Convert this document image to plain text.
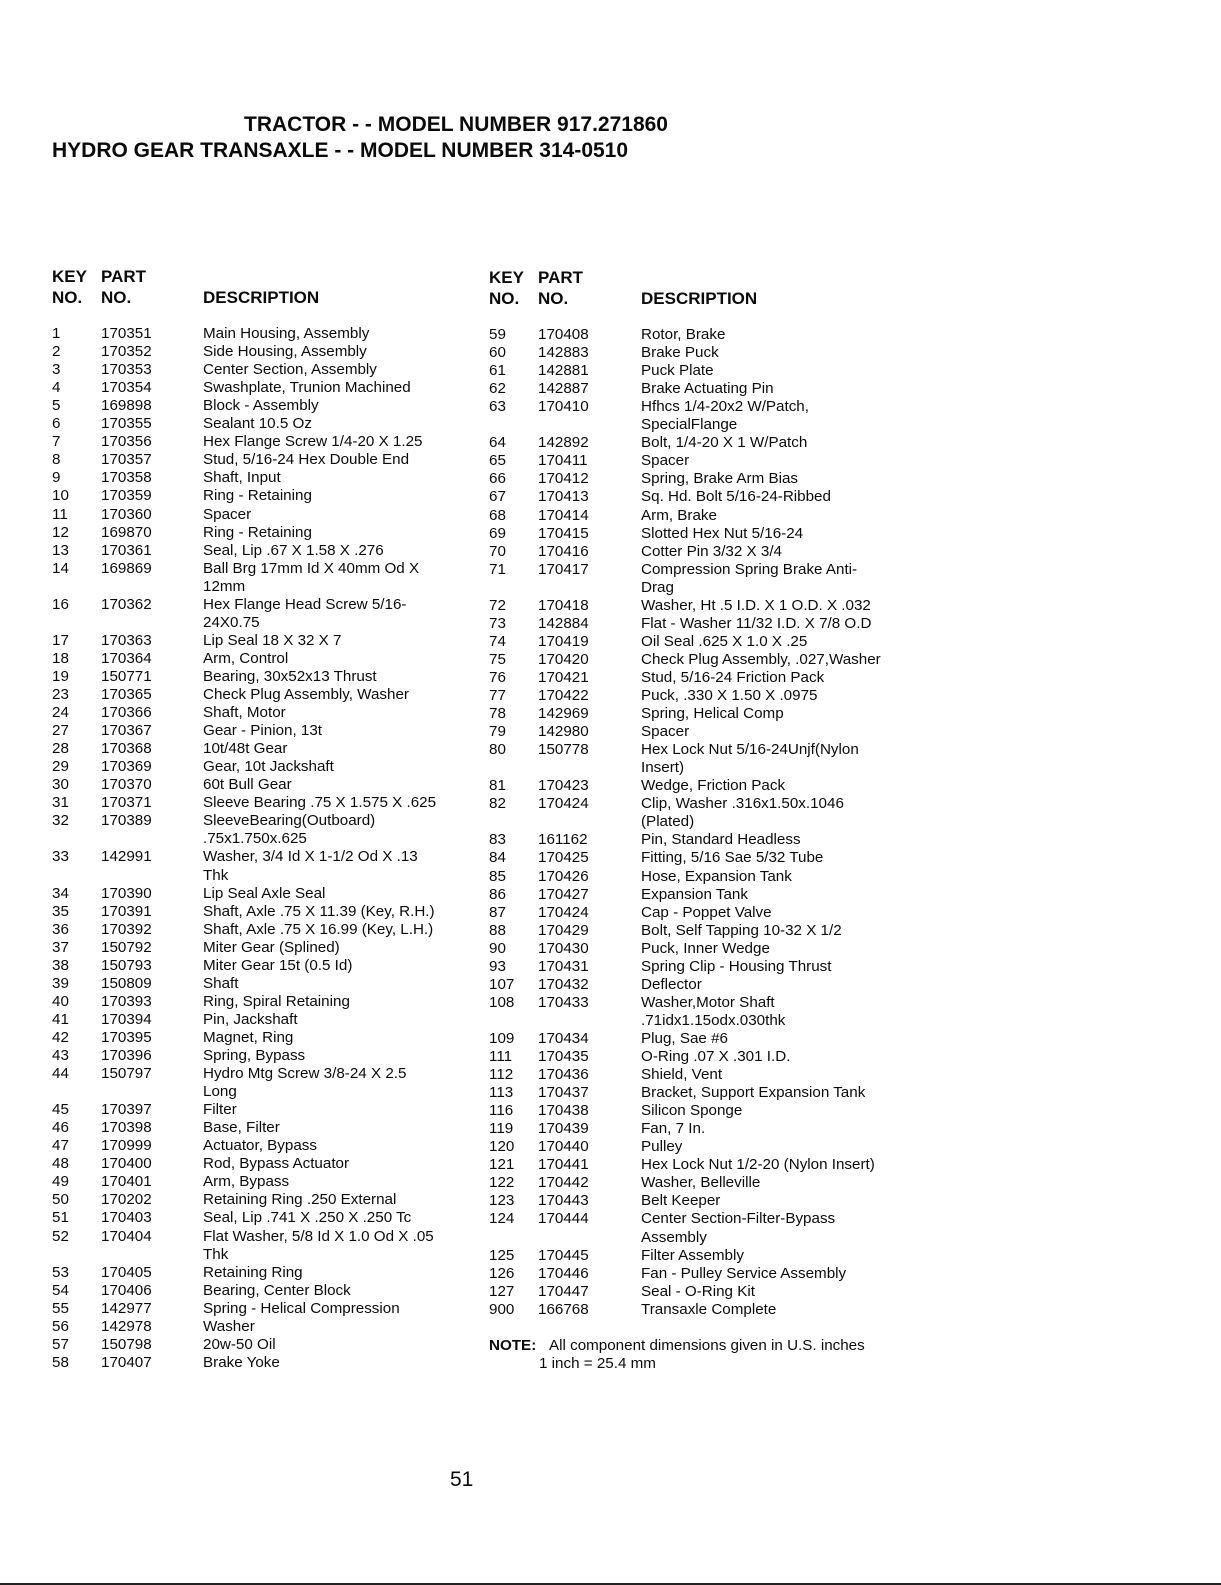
TRACTOR - - MODEL NUMBER 917.271860
HYDRO GEAR TRANSAXLE - - MODEL NUMBER 314-0510
KEY
NO.
PART
NO.	DESCRIPTION
KEY
NO.
PART
NO.	DESCRIPTION
1	170351	Main Housing, Assembly
2	170352	Side Housing, Assembly
3	170353	Center Section, Assembly
4	170354	Swashplate, Trunion Machined
5	169898	Block - Assembly
6	170355	Sealant 10.5 Oz
7	170356	Hex Flange Screw 1/4-20 X 1.25
8	170357	Stud, 5/16-24 Hex Double End
9	170358	Shaft, Input
10 170359	Ring - Retaining
11 170360	Spacer
12 169870	Ring - Retaining
13 170361	Seal, Lip .67 X 1.58 X .276
14 169869	Ball Brg 17mm Id X 40mm Od X
12mm
16 170362	Hex Flange Head Screw 5/16-
24X0.75
17 170363	Lip Seal 18 X 32 X 7
18 170364	Arm, Control
19 150771	Bearing, 30x52x13 Thrust
23 170365	Check Plug Assembly, Washer
24 170366	Shaft, Motor
27 170367	Gear - Pinion, 13t
28 170368	10t/48t Gear
29 170369	Gear, 10t Jackshaft
30 170370	60t Bull Gear
31 170371	Sleeve Bearing .75 X 1.575 X .625
32 170389	SleeveBearing(Outboard)
.75x1.750x.625
33 142991	Washer, 3/4 Id X 1-1/2 Od X .13
Thk
34 170390	Lip Seal Axle Seal
35 170391	Shaft, Axle .75 X 11.39 (Key, R.H.)
36 170392	Shaft, Axle .75 X 16.99 (Key, L.H.)
37 150792	Miter Gear (Splined)
38 150793	Miter Gear 15t (0.5 Id)
39 150809	Shaft
40 170393	Ring, Spiral Retaining
41 170394	Pin, Jackshaft
42 170395	Magnet, Ring
43 170396	Spring, Bypass
44 150797	Hydro Mtg Screw 3/8-24 X 2.5
Long
45 170397	Filter
46 170398	Base, Filter
47 170999	Actuator, Bypass
48 170400	Rod, Bypass Actuator
49 170401	Arm, Bypass
50 170202	Retaining Ring .250 External
51 170403	Seal, Lip .741 X .250 X .250 Tc
52 170404	Flat Washer, 5/8 Id X 1.0 Od X .05
Thk
53 170405	Retaining Ring
54 170406	Bearing, Center Block
55 142977	Spring - Helical Compression
56 142978	Washer
57 150798	20w-50 Oil
58 170407	Brake Yoke
59 170408	Rotor, Brake
60 142883	Brake Puck
61 142881	Puck Plate
62 142887	Brake Actuating Pin
63 170410	Hfhcs 1/4-20x2 W/Patch,
SpecialFlange
64 142892	Bolt, 1/4-20 X 1 W/Patch
65 170411	Spacer
66 170412	Spring, Brake Arm Bias
67 170413	Sq. Hd. Bolt 5/16-24-Ribbed
68 170414	Arm, Brake
69 170415	Slotted Hex Nut 5/16-24
70 170416	Cotter Pin 3/32 X 3/4
71 170417	Compression Spring Brake Anti-
Drag
72 170418	Washer, Ht .5 I.D. X 1 O.D. X .032
73 142884	Flat - Washer 11/32 I.D. X 7/8 O.D
74 170419	Oil Seal .625 X 1.0 X .25
75 170420	Check Plug Assembly, .027,Washer
76 170421	Stud, 5/16-24 Friction Pack
77 170422	Puck, .330 X 1.50 X .0975
78 142969	Spring, Helical Comp
79 142980	Spacer
80 150778	Hex Lock Nut 5/16-24Unjf(Nylon
Insert)
81 170423	Wedge, Friction Pack
82 170424	Clip, Washer .316x1.50x.1046
(Plated)
83 161162	Pin, Standard Headless
84 170425	Fitting, 5/16 Sae 5/32 Tube
85 170426	Hose, Expansion Tank
86 170427	Expansion Tank
87 170424	Cap - Poppet Valve
88 170429	Bolt, Self Tapping 10-32 X 1/2
90 170430	Puck, Inner Wedge
93 170431	Spring Clip - Housing Thrust
107 170432	Deflector
108 170433	Washer,Motor Shaft
.71idx1.15odx.030thk
109 170434	Plug, Sae #6
111 170435	O-Ring .07 X .301 I.D.
112 170436	Shield, Vent
113 170437	Bracket, Support Expansion Tank
116 170438	Silicon Sponge
119 170439	Fan, 7 In.
120 170440	Pulley
121 170441	Hex Lock Nut 1/2-20 (Nylon Insert)
122 170442	Washer, Belleville
123 170443	Belt Keeper
124 170444	Center Section-Filter-Bypass
Assembly
125 170445	Filter Assembly
126 170446	Fan - Pulley Service Assembly
127 170447	Seal - O-Ring Kit
900 166768	Transaxle Complete
NOTE: All component dimensions given in U.S. inches
1 inch = 25.4 mm
51
